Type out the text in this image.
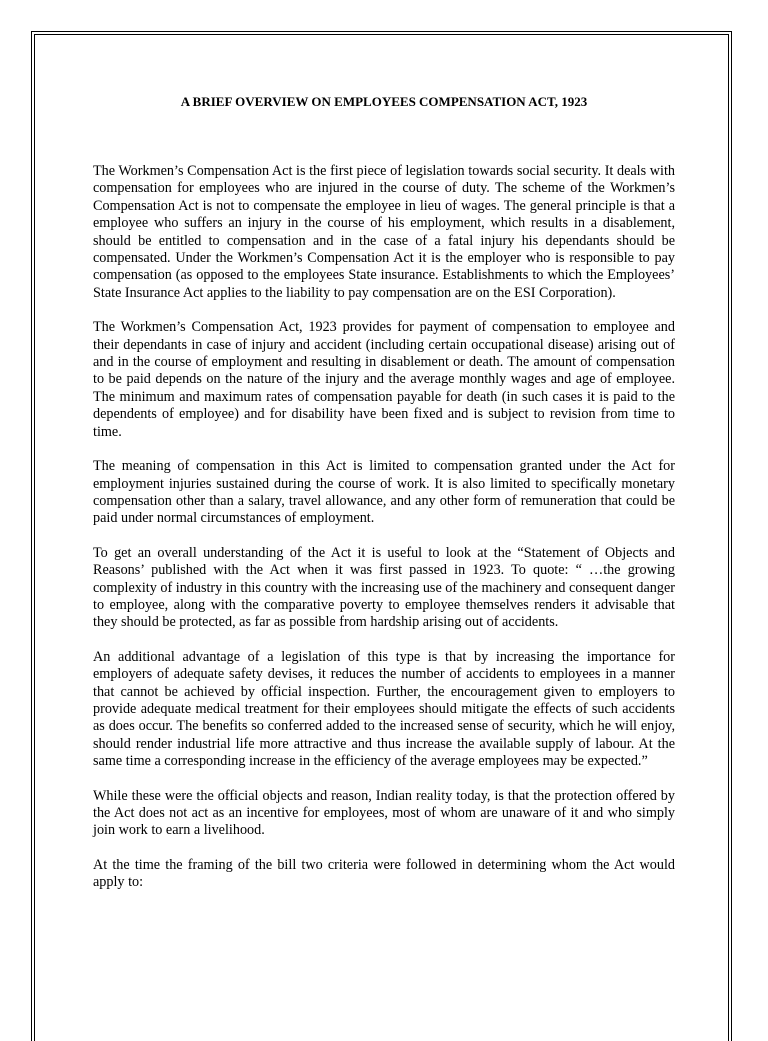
A BRIEF OVERVIEW ON EMPLOYEES COMPENSATION ACT, 1923

The Workmen’s Compensation Act is the first piece of legislation towards social security. It deals with compensation for employees who are injured in the course of duty. The scheme of the Workmen’s Compensation Act is not to compensate the employee in lieu of wages. The general principle is that a employee who suffers an injury in the course of his employment, which results in a disablement, should be entitled to compensation and in the case of a fatal injury his dependants should be compensated. Under the Workmen’s Compensation Act it is the employer who is responsible to pay compensation (as opposed to the employees State insurance. Establishments to which the Employees’ State Insurance Act applies to the liability to pay compensation are on the ESI Corporation).

The Workmen’s Compensation Act, 1923 provides for payment of compensation to employee and their dependants in case of injury and accident (including certain occupational disease) arising out of and in the course of employment and resulting in disablement or death. The amount of compensation to be paid depends on the nature of the injury and the average monthly wages and age of employee. The minimum and maximum rates of compensation payable for death (in such cases it is paid to the dependents of employee) and for disability have been fixed and is subject to revision from time to time.

The meaning of compensation in this Act is limited to compensation granted under the Act for employment injuries sustained during the course of work. It is also limited to specifically monetary compensation other than a salary, travel allowance, and any other form of remuneration that could be paid under normal circumstances of employment.

To get an overall understanding of the Act it is useful to look at the “Statement of Objects and Reasons’ published with the Act when it was first passed in 1923. To quote: “ …the growing complexity of industry in this country with the increasing use of the machinery and consequent danger to employee, along with the comparative poverty to employee themselves renders it advisable that they should be protected, as far as possible from hardship arising out of accidents.

An additional advantage of a legislation of this type is that by increasing the importance for employers of adequate safety devises, it reduces the number of accidents to employees in a manner that cannot be achieved by official inspection. Further, the encouragement given to employers to provide adequate medical treatment for their employees should mitigate the effects of such accidents as does occur. The benefits so conferred added to the increased sense of security, which he will enjoy, should render industrial life more attractive and thus increase the available supply of labour. At the same time a corresponding increase in the efficiency of the average employees may be expected.”

While these were the official objects and reason, Indian reality today, is that the protection offered by the Act does not act as an incentive for employees, most of whom are unaware of it and who simply join work to earn a livelihood.

At the time the framing of the bill two criteria were followed in determining whom the Act would apply to:
